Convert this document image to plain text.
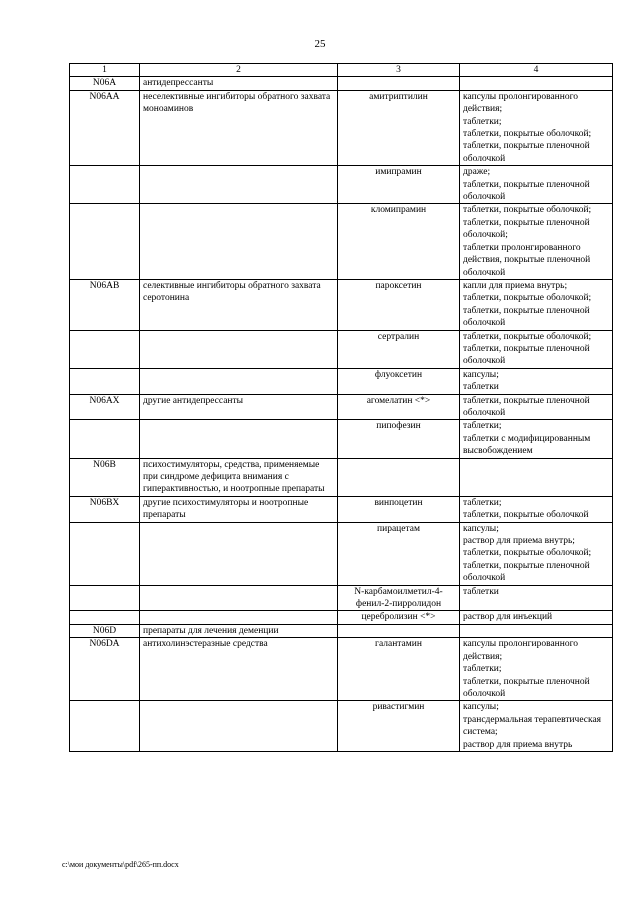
25
1	2	3	4
N06A	антидепрессанты		
N06AA	неселективные ингибиторы обратного захвата моноаминов	амитриптилин	капсулы пролонгированного действия;
таблетки;
таблетки, покрытые оболочкой;
таблетки, покрытые пленочной оболочкой
		имипрамин	драже;
таблетки, покрытые пленочной оболочкой
		кломипрамин	таблетки, покрытые оболочкой;
таблетки, покрытые пленочной оболочкой;
таблетки пролонгированного действия, покрытые пленочной оболочкой
N06AB	селективные ингибиторы обратного захвата серотонина	пароксетин	капли для приема внутрь;
таблетки, покрытые оболочкой;
таблетки, покрытые пленочной оболочкой
		сертралин	таблетки, покрытые оболочкой;
таблетки, покрытые пленочной оболочкой
		флуоксетин	капсулы;
таблетки
N06AX	другие антидепрессанты	агомелатин <*>	таблетки, покрытые пленочной оболочкой
		пипофезин	таблетки;
таблетки с модифицированным высвобождением
N06B	психостимуляторы, средства, применяемые при синдроме дефицита внимания с гиперактивностью, и ноотропные препараты		
N06BX	другие психостимуляторы и ноотропные препараты	винпоцетин	таблетки;
таблетки, покрытые оболочкой
		пирацетам	капсулы;
раствор для приема внутрь;
таблетки, покрытые оболочкой;
таблетки, покрытые пленочной оболочкой
		N-карбамоилметил-4-фенил-2-пирролидон	таблетки
		церебролизин <*>	раствор для инъекций
N06D	препараты для лечения деменции		
N06DA	антихолинэстеразные средства	галантамин	капсулы пролонгированного действия;
таблетки;
таблетки, покрытые пленочной оболочкой
		ривастигмин	капсулы;
трансдермальная терапевтическая система;
раствор для приема внутрь
c:\мои документы\pdf\265-пп.docx
